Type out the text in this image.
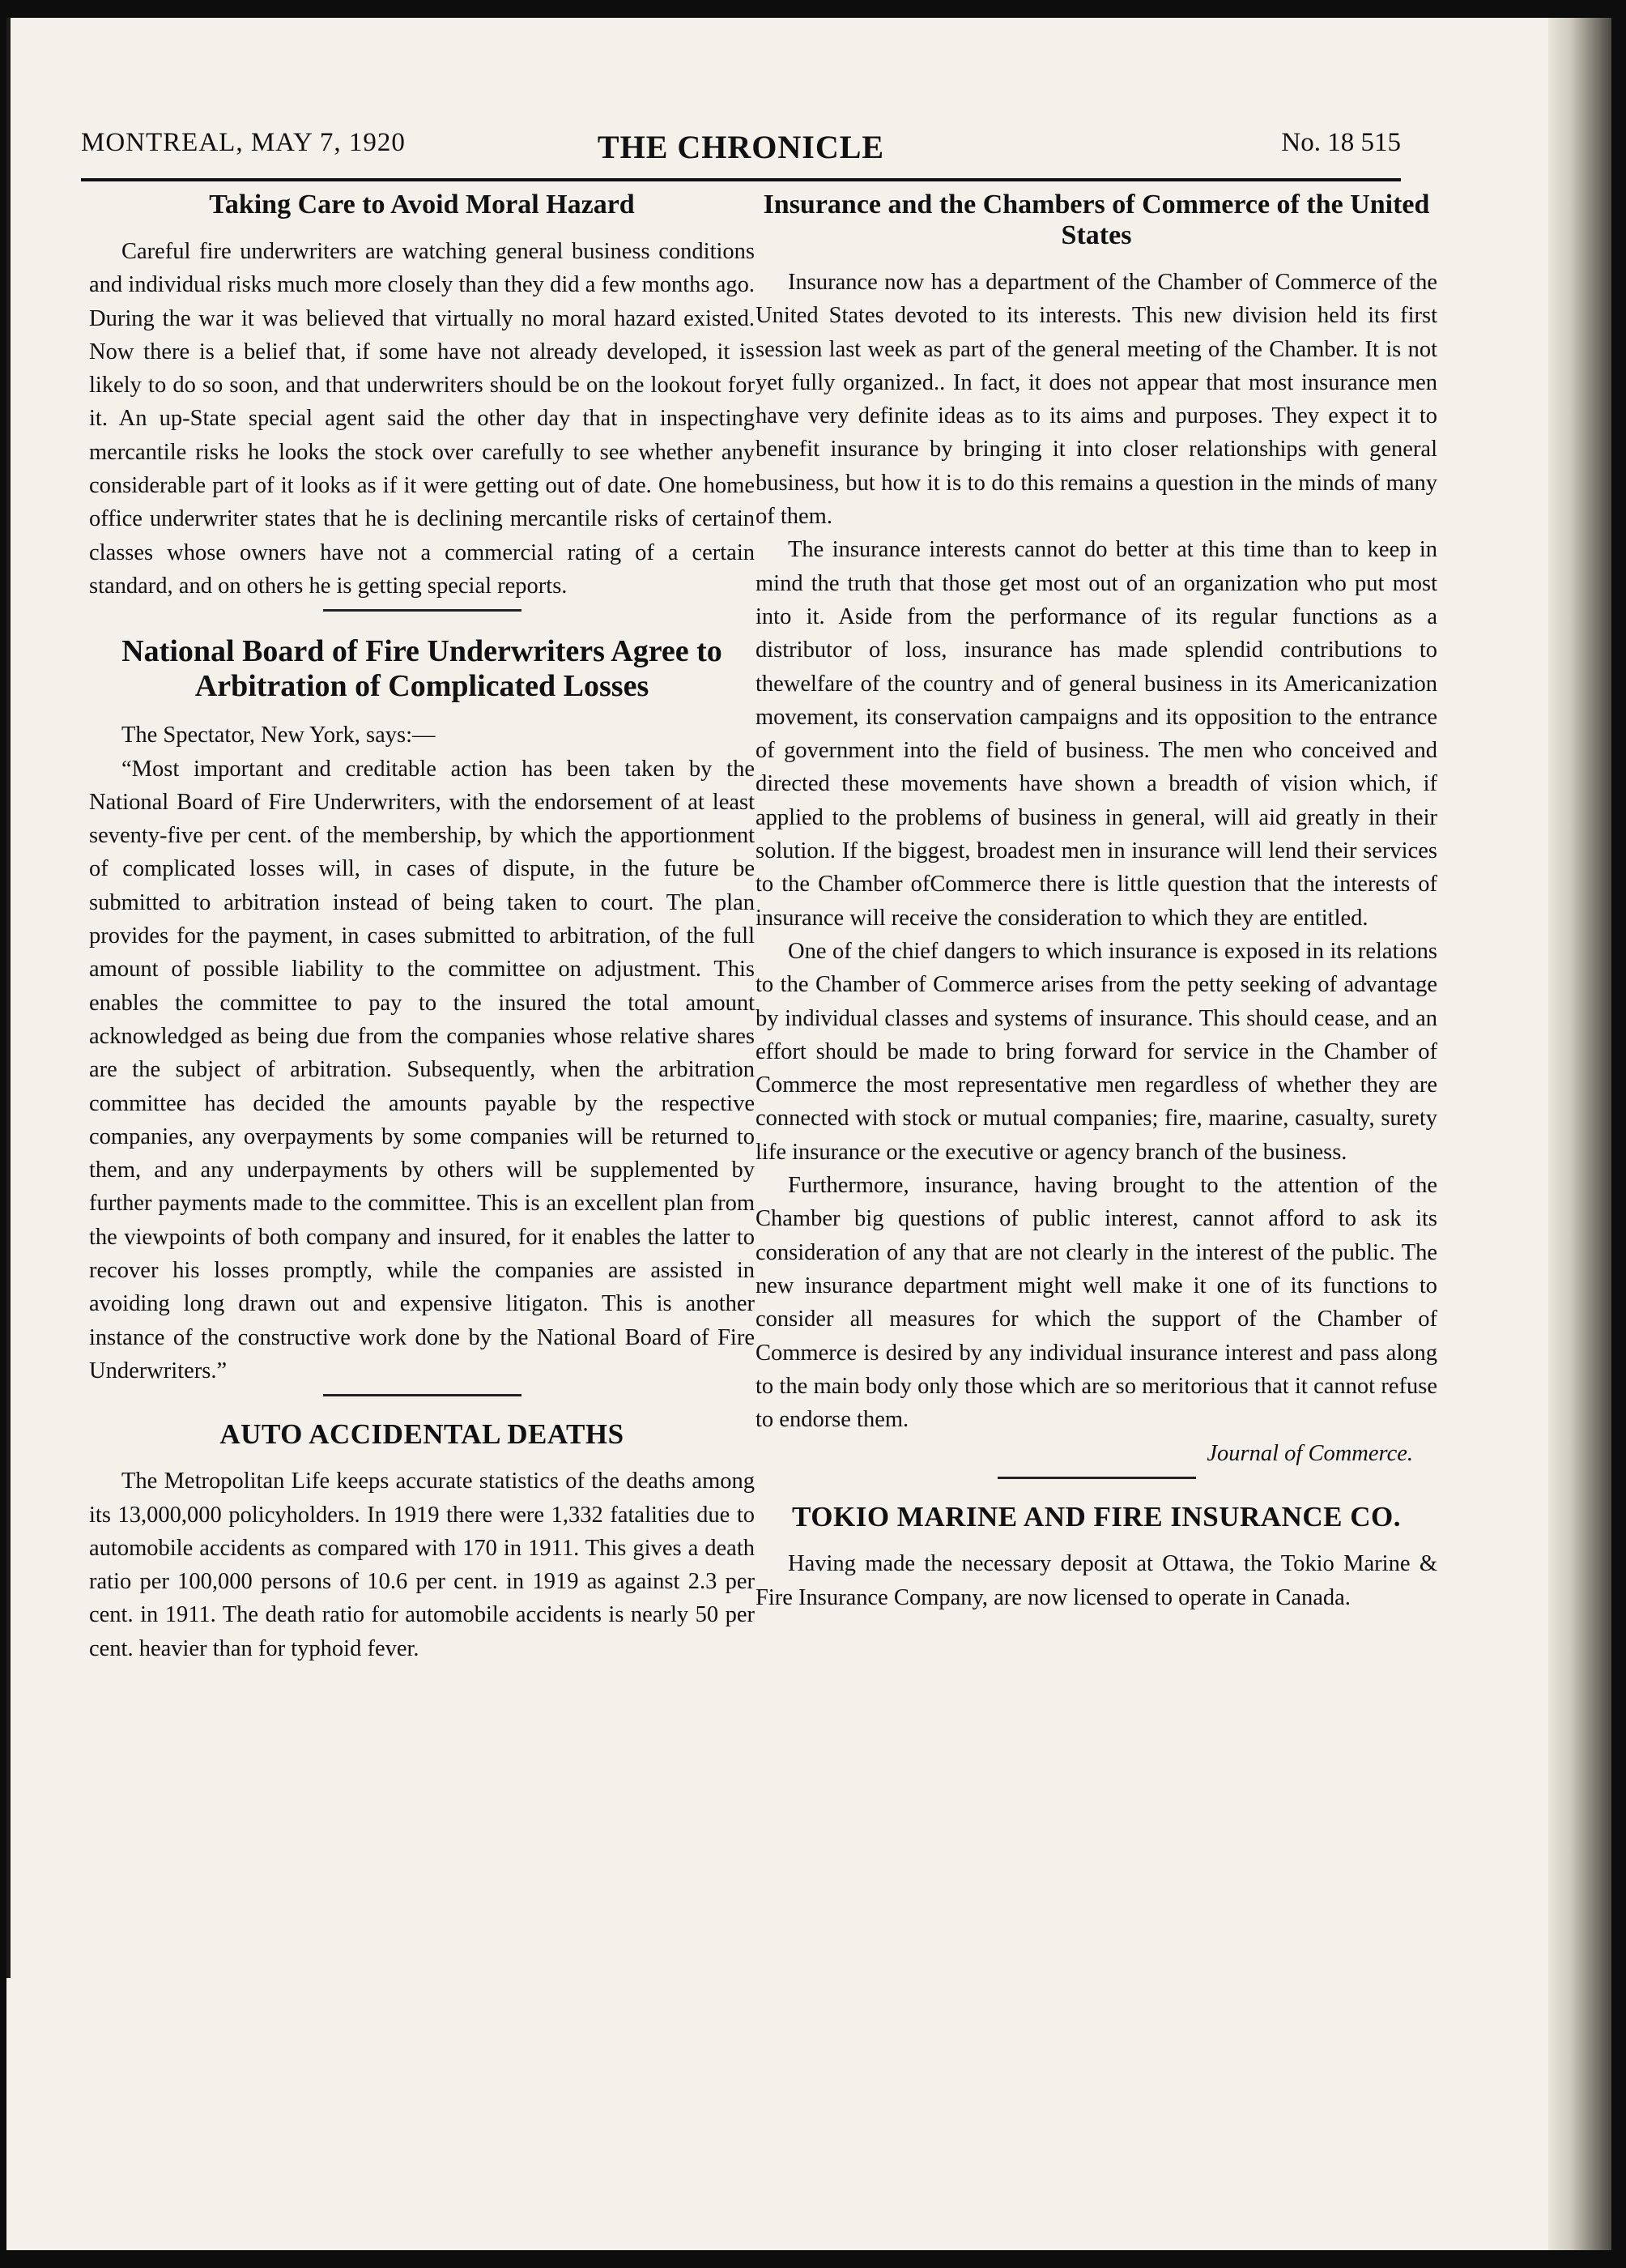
MONTREAL, MAY 7, 1920	THE CHRONICLE	No. 18 515
Taking Care to Avoid Moral Hazard

Careful fire underwriters are watching general business conditions and individual risks much more closely than they did a few months ago. During the war it was believed that virtually no moral hazard existed. Now there is a belief that, if some have not already developed, it is likely to do so soon, and that underwriters should be on the lookout for it. An up-State special agent said the other day that in inspecting mercantile risks he looks the stock over carefully to see whether any considerable part of it looks as if it were getting out of date. One home office underwriter states that he is declining mercantile risks of certain classes whose owners have not a commercial rating of a certain standard, and on others he is getting special reports.

National Board of Fire Underwriters Agree to Arbitration of Complicated Losses

The Spectator, New York, says:—

“Most important and creditable action has been taken by the National Board of Fire Underwriters, with the endorsement of at least seventy-five per cent. of the membership, by which the apportionment of complicated losses will, in cases of dispute, in the future be submitted to arbitration instead of being taken to court. The plan provides for the payment, in cases submitted to arbitration, of the full amount of possible liability to the committee on adjustment. This enables the committee to pay to the insured the total amount acknowledged as being due from the companies whose relative shares are the subject of arbitration. Subsequently, when the arbitration committee has decided the amounts payable by the respective companies, any overpayments by some companies will be returned to them, and any underpayments by others will be supplemented by further payments made to the committee. This is an excellent plan from the viewpoints of both company and insured, for it enables the latter to recover his losses promptly, while the companies are assisted in avoiding long drawn out and expensive litigaton. This is another instance of the constructive work done by the National Board of Fire Underwriters.”

AUTO ACCIDENTAL DEATHS

The Metropolitan Life keeps accurate statistics of the deaths among its 13,000,000 policyholders. In 1919 there were 1,332 fatalities due to automobile accidents as compared with 170 in 1911. This gives a death ratio per 100,000 persons of 10.6 per cent. in 1919 as against 2.3 per cent. in 1911. The death ratio for automobile accidents is nearly 50 per cent. heavier than for typhoid fever.

Insurance and the Chambers of Commerce of the United States

Insurance now has a department of the Chamber of Commerce of the United States devoted to its interests. This new division held its first session last week as part of the general meeting of the Chamber. It is not yet fully organized.. In fact, it does not appear that most insurance men have very definite ideas as to its aims and purposes. They expect it to benefit insurance by bringing it into closer relationships with general business, but how it is to do this remains a question in the minds of many of them.

The insurance interests cannot do better at this time than to keep in mind the truth that those get most out of an organization who put most into it. Aside from the performance of its regular functions as a distributor of loss, insurance has made splendid contributions to thewelfare of the country and of general business in its Americanization movement, its conservation campaigns and its opposition to the entrance of government into the field of business. The men who conceived and directed these movements have shown a breadth of vision which, if applied to the problems of business in general, will aid greatly in their solution. If the biggest, broadest men in insurance will lend their services to the Chamber ofCommerce there is little question that the interests of insurance will receive the consideration to which they are entitled.

One of the chief dangers to which insurance is exposed in its relations to the Chamber of Commerce arises from the petty seeking of advantage by individual classes and systems of insurance. This should cease, and an effort should be made to bring forward for service in the Chamber of Commerce the most representative men regardless of whether they are connected with stock or mutual companies; fire, maarine, casualty, surety life insurance or the executive or agency branch of the business.

Furthermore, insurance, having brought to the attention of the Chamber big questions of public interest, cannot afford to ask its consideration of any that are not clearly in the interest of the public. The new insurance department might well make it one of its functions to consider all measures for which the support of the Chamber of Commerce is desired by any individual insurance interest and pass along to the main body only those which are so meritorious that it cannot refuse to endorse them.

Journal of Commerce.

TOKIO MARINE AND FIRE INSURANCE CO.

Having made the necessary deposit at Ottawa, the Tokio Marine & Fire Insurance Company, are now licensed to operate in Canada.
